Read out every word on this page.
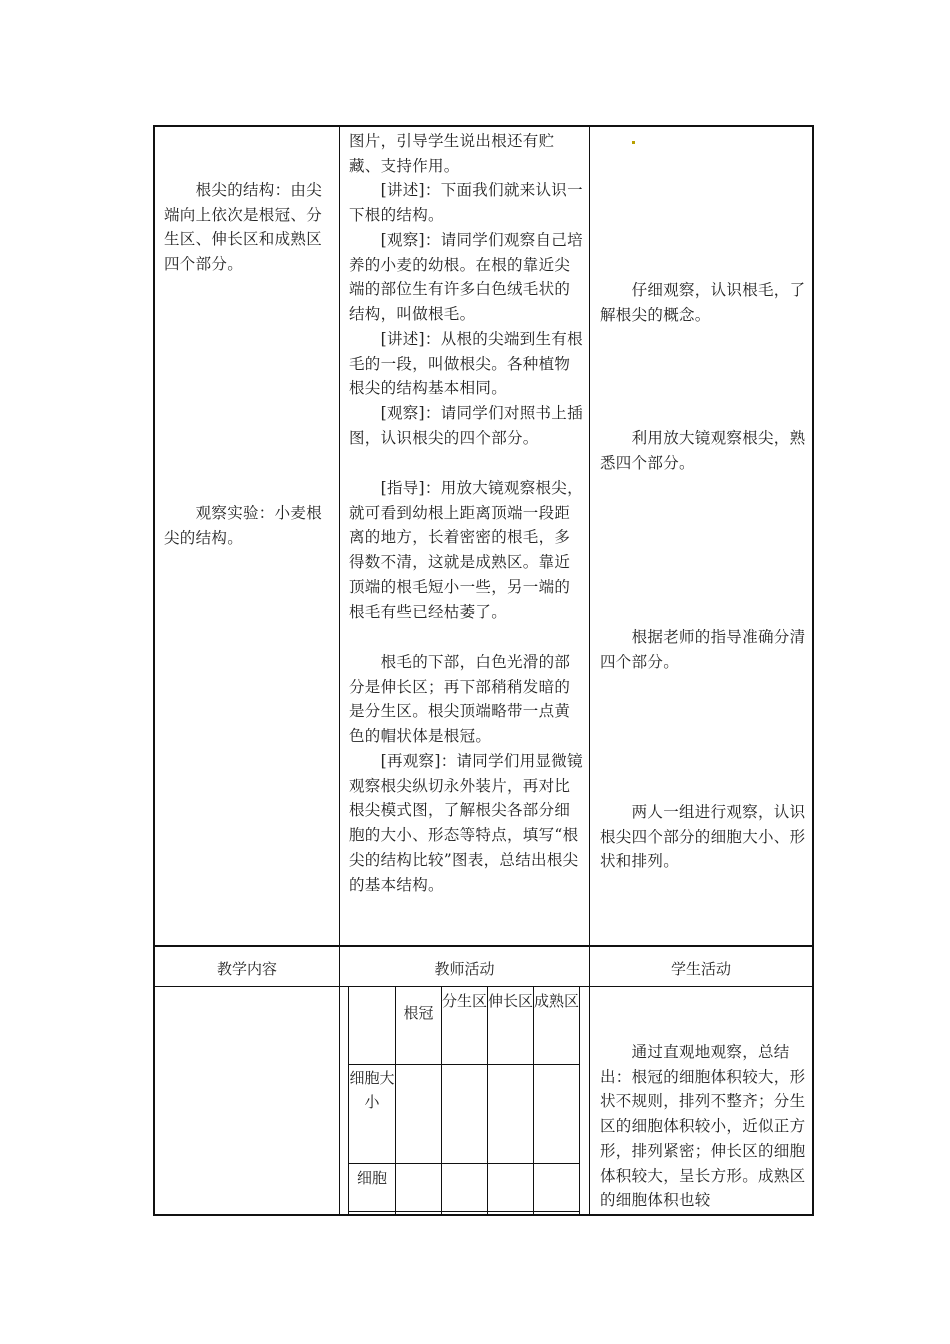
　　根尖的结构：由尖端向上依次是根冠、分生区、伸长区和成熟区四个部分。
　　观察实验：小麦根尖的结构。
图片，引导学生说出根还有贮藏、支持作用。
　　[讲述]：下面我们就来认识一下根的结构。
　　[观察]：请同学们观察自己培养的小麦的幼根。在根的靠近尖端的部位生有许多白色绒毛状的结构，叫做根毛。
　　[讲述]：从根的尖端到生有根毛的一段，叫做根尖。各种植物根尖的结构基本相同。
　　[观察]：请同学们对照书上插图，认识根尖的四个部分。
　　[指导]：用放大镜观察根尖，就可看到幼根上距离顶端一段距离的地方，长着密密的根毛，多得数不清，这就是成熟区。靠近顶端的根毛短小一些，另一端的根毛有些已经枯萎了。
　　根毛的下部，白色光滑的部分是伸长区；再下部稍稍发暗的是分生区。根尖顶端略带一点黄色的帽状体是根冠。
　　[再观察]：请同学们用显微镜观察根尖纵切永外装片，再对比根尖模式图，了解根尖各部分细胞的大小、形态等特点，填写“根尖的结构比较”图表，总结出根尖的基本结构。
　　仔细观察，认识根毛，了解根尖的概念。
　　利用放大镜观察根尖，熟悉四个部分。
　　根据老师的指导准确分清四个部分。
　　两人一组进行观察，认识根尖四个部分的细胞大小、形状和排列。
教学内容	教师活动	学生活动
根冠
分生区 伸长区 成熟区
细胞大小
细胞
　　通过直观地观察，总结出：根冠的细胞体积较大，形状不规则，排列不整齐；分生区的细胞体积较小，近似正方形，排列紧密；伸长区的细胞体积较大，呈长方形。成熟区的细胞体积也较
